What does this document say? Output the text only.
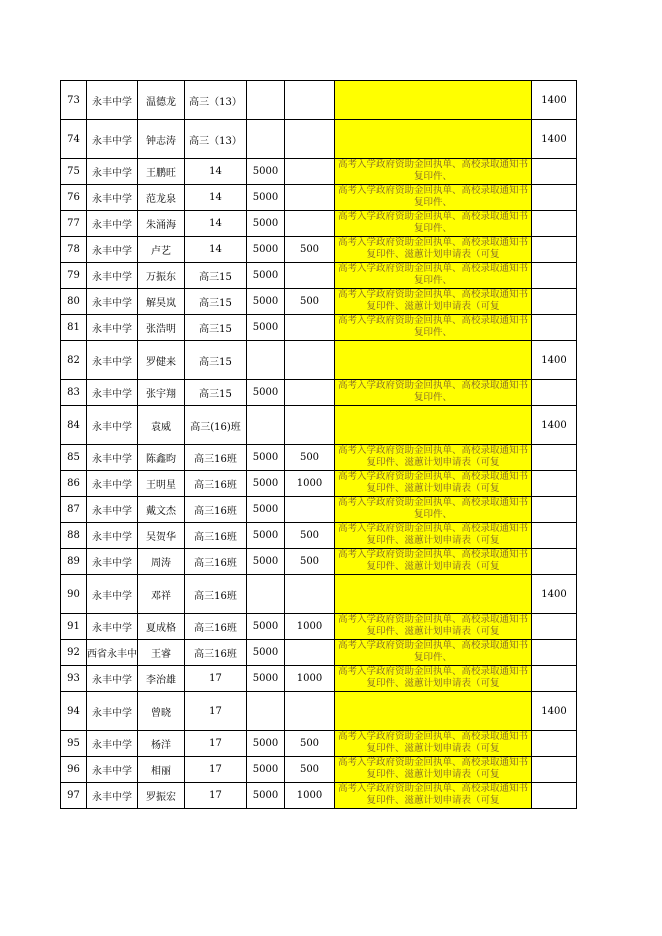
73	永丰中学	温德龙	高三（13）				1400
74	永丰中学	钟志涛	高三（13）				1400
75	永丰中学	王鹏旺	14	5000		高考入学政府资助金回执单、高校录取通知书复印件、	

76	永丰中学	范龙泉	14	5000		高考入学政府资助金回执单、高校录取通知书复印件、	

77	永丰中学	朱涌海	14	5000		高考入学政府资助金回执单、高校录取通知书复印件、	

78	永丰中学	卢艺	14	5000	500	高考入学政府资助金回执单、高校录取通知书复印件、滋蕙计划申请表（可复	

79	永丰中学	万振东	高三15	5000		高考入学政府资助金回执单、高校录取通知书复印件、	

80	永丰中学	解昊岚	高三15	5000	500	高考入学政府资助金回执单、高校录取通知书复印件、滋蕙计划申请表（可复	

81	永丰中学	张浩明	高三15	5000		高考入学政府资助金回执单、高校录取通知书复印件、	

82	永丰中学	罗健来	高三15				1400
83	永丰中学	张宇翔	高三15	5000		高考入学政府资助金回执单、高校录取通知书复印件、	

84	永丰中学	袁威	高三(16)班				1400
85	永丰中学	陈鑫昀	高三16班	5000	500	高考入学政府资助金回执单、高校录取通知书复印件、滋蕙计划申请表（可复	

86	永丰中学	王明星	高三16班	5000	1000	高考入学政府资助金回执单、高校录取通知书复印件、滋蕙计划申请表（可复	

87	永丰中学	戴文杰	高三16班	5000		高考入学政府资助金回执单、高校录取通知书复印件、	

88	永丰中学	吴贺华	高三16班	5000	500	高考入学政府资助金回执单、高校录取通知书复印件、滋蕙计划申请表（可复	

89	永丰中学	周涛	高三16班	5000	500	高考入学政府资助金回执单、高校录取通知书复印件、滋蕙计划申请表（可复	

90	永丰中学	邓祥	高三16班				1400
91	永丰中学	夏成格	高三16班	5000	1000	高考入学政府资助金回执单、高校录取通知书复印件、滋蕙计划申请表（可复	

92	西省永丰中	王睿	高三16班	5000		高考入学政府资助金回执单、高校录取通知书复印件、	

93	永丰中学	李治雄	17	5000	1000	高考入学政府资助金回执单、高校录取通知书复印件、滋蕙计划申请表（可复	

94	永丰中学	曾晓	17				1400
95	永丰中学	杨洋	17	5000	500	高考入学政府资助金回执单、高校录取通知书复印件、滋蕙计划申请表（可复	

96	永丰中学	相丽	17	5000	500	高考入学政府资助金回执单、高校录取通知书复印件、滋蕙计划申请表（可复	

97	永丰中学	罗振宏	17	5000	1000	高考入学政府资助金回执单、高校录取通知书复印件、滋蕙计划申请表（可复	
